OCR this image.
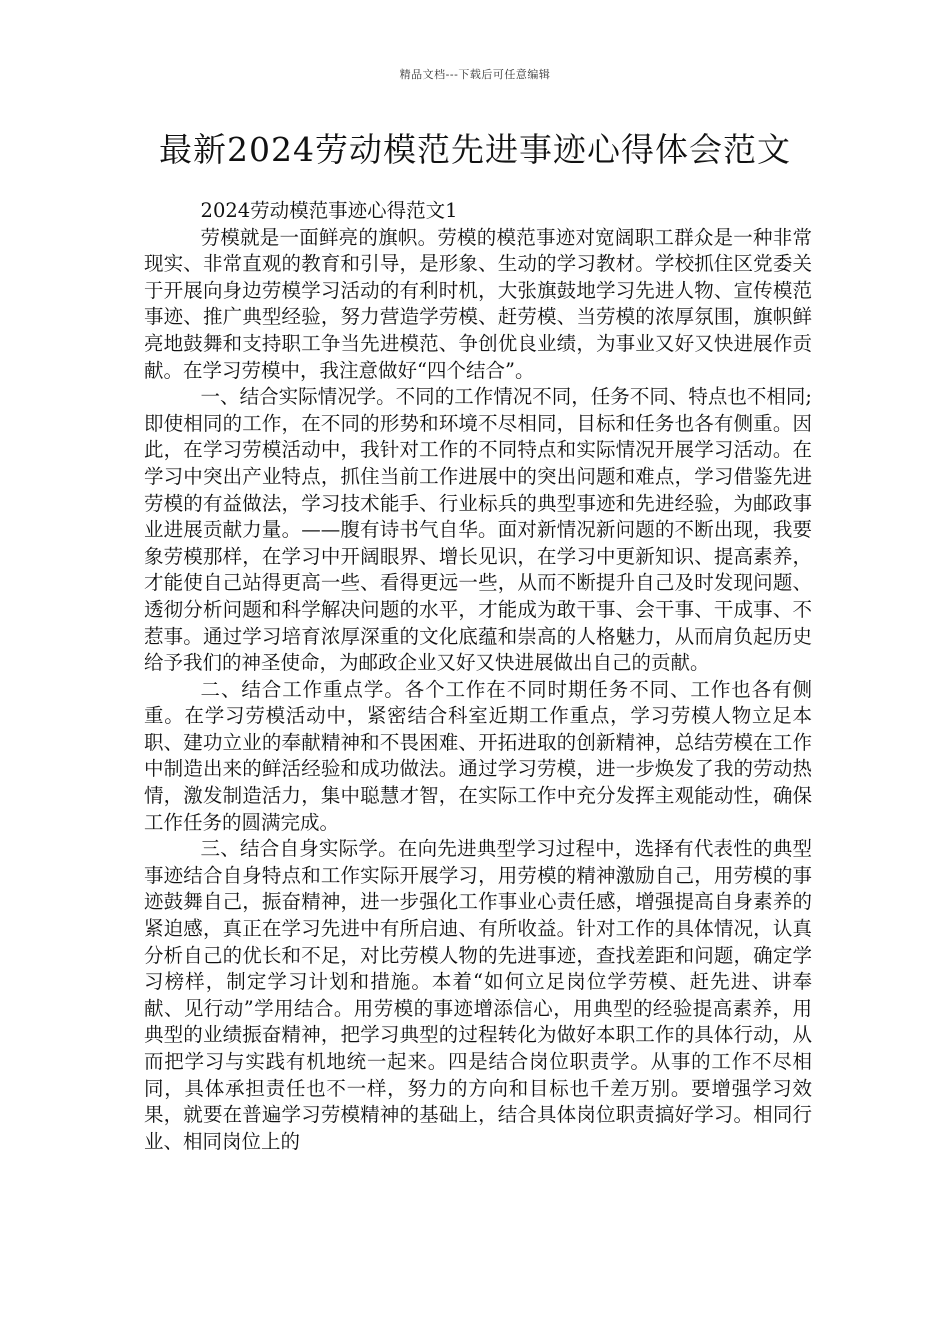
精品文档---下载后可任意编辑
最新2024劳动模范先进事迹心得体会范文

2024劳动模范事迹心得范文1

劳模就是一面鲜亮的旗帜。劳模的模范事迹对宽阔职工群众是一种非常现实、非常直观的教育和引导，是形象、生动的学习教材。学校抓住区党委关于开展向身边劳模学习活动的有利时机，大张旗鼓地学习先进人物、宣传模范事迹、推广典型经验，努力营造学劳模、赶劳模、当劳模的浓厚氛围，旗帜鲜亮地鼓舞和支持职工争当先进模范、争创优良业绩，为事业又好又快进展作贡献。在学习劳模中，我注意做好“四个结合”。

一、结合实际情况学。不同的工作情况不同，任务不同、特点也不相同;即使相同的工作，在不同的形势和环境不尽相同，目标和任务也各有侧重。因此，在学习劳模活动中，我针对工作的不同特点和实际情况开展学习活动。在学习中突出产业特点，抓住当前工作进展中的突出问题和难点，学习借鉴先进劳模的有益做法，学习技术能手、行业标兵的典型事迹和先进经验，为邮政事业进展贡献力量。——腹有诗书气自华。面对新情况新问题的不断出现，我要象劳模那样，在学习中开阔眼界、增长见识，在学习中更新知识、提高素养，才能使自己站得更高一些、看得更远一些，从而不断提升自己及时发现问题、透彻分析问题和科学解决问题的水平，才能成为敢干事、会干事、干成事、不惹事。通过学习培育浓厚深重的文化底蕴和崇高的人格魅力，从而肩负起历史给予我们的神圣使命，为邮政企业又好又快进展做出自己的贡献。

二、结合工作重点学。各个工作在不同时期任务不同、工作也各有侧重。在学习劳模活动中，紧密结合科室近期工作重点，学习劳模人物立足本职、建功立业的奉献精神和不畏困难、开拓进取的创新精神，总结劳模在工作中制造出来的鲜活经验和成功做法。通过学习劳模，进一步焕发了我的劳动热情，激发制造活力，集中聪慧才智，在实际工作中充分发挥主观能动性，确保工作任务的圆满完成。

三、结合自身实际学。在向先进典型学习过程中，选择有代表性的典型事迹结合自身特点和工作实际开展学习，用劳模的精神激励自己，用劳模的事迹鼓舞自己，振奋精神，进一步强化工作事业心责任感，增强提高自身素养的紧迫感，真正在学习先进中有所启迪、有所收益。针对工作的具体情况，认真分析自己的优长和不足，对比劳模人物的先进事迹，查找差距和问题，确定学习榜样，制定学习计划和措施。本着“如何立足岗位学劳模、赶先进、讲奉献、见行动”学用结合。用劳模的事迹增添信心，用典型的经验提高素养，用典型的业绩振奋精神，把学习典型的过程转化为做好本职工作的具体行动，从而把学习与实践有机地统一起来。四是结合岗位职责学。从事的工作不尽相同，具体承担责任也不一样，努力的方向和目标也千差万别。要增强学习效果，就要在普遍学习劳模精神的基础上，结合具体岗位职责搞好学习。相同行业、相同岗位上的
